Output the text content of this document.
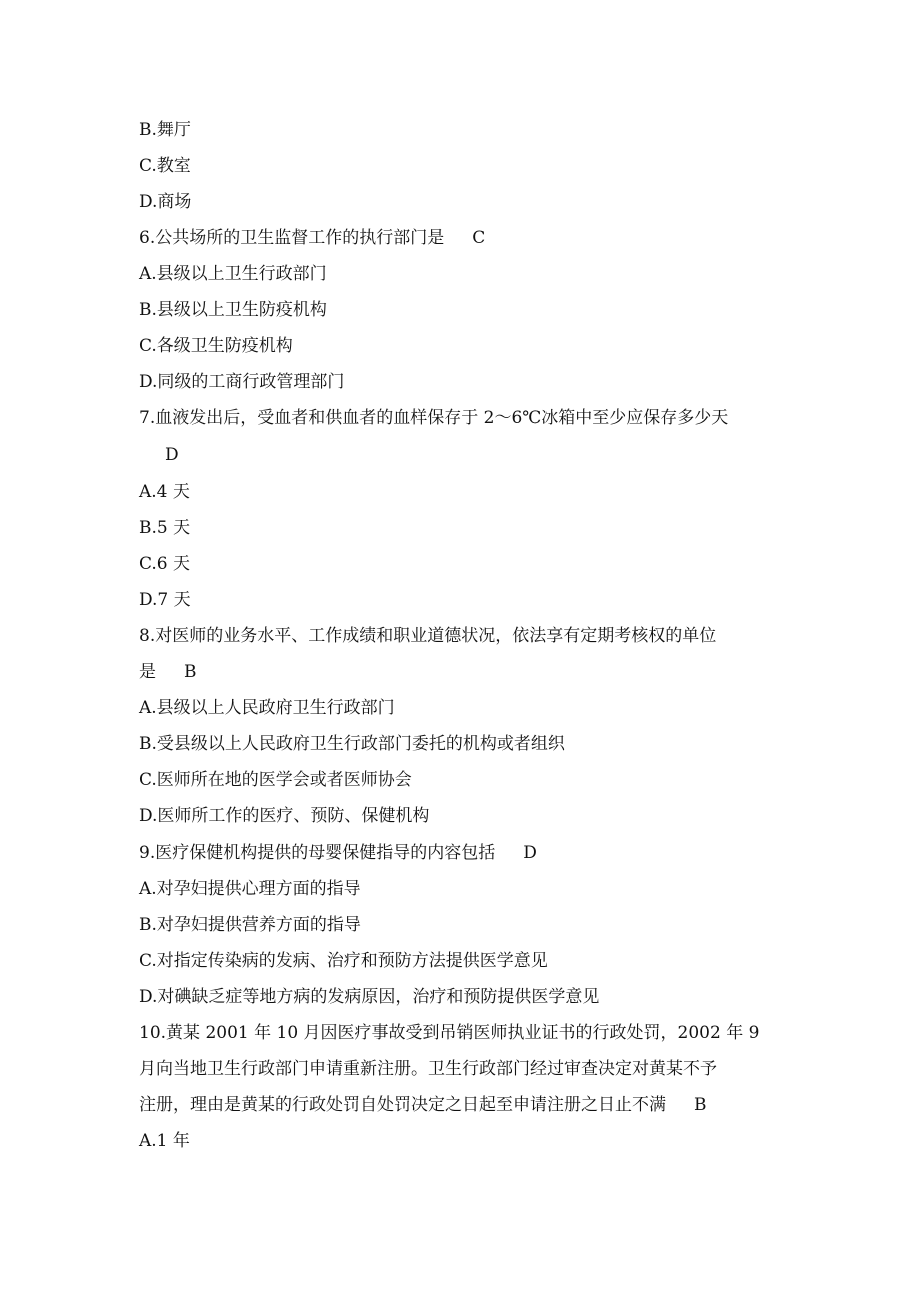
B.舞厅
C.教室
D.商场
6.公共场所的卫生监督工作的执行部门是 C
A.县级以上卫生行政部门
B.县级以上卫生防疫机构
C.各级卫生防疫机构
D.同级的工商行政管理部门
7.血液发出后，受血者和供血者的血样保存于 2～6℃冰箱中至少应保存多少天
D
A.4 天
B.5 天
C.6 天
D.7 天
8.对医师的业务水平、工作成绩和职业道德状况，依法享有定期考核权的单位
是 B
A.县级以上人民政府卫生行政部门
B.受县级以上人民政府卫生行政部门委托的机构或者组织
C.医师所在地的医学会或者医师协会
D.医师所工作的医疗、预防、保健机构
9.医疗保健机构提供的母婴保健指导的内容包括 D
A.对孕妇提供心理方面的指导
B.对孕妇提供营养方面的指导
C.对指定传染病的发病、治疗和预防方法提供医学意见
D.对碘缺乏症等地方病的发病原因，治疗和预防提供医学意见
10.黄某 2001 年 10 月因医疗事故受到吊销医师执业证书的行政处罚，2002 年 9
月向当地卫生行政部门申请重新注册。卫生行政部门经过审查决定对黄某不予
注册，理由是黄某的行政处罚自处罚决定之日起至申请注册之日止不满 B
A.1 年
